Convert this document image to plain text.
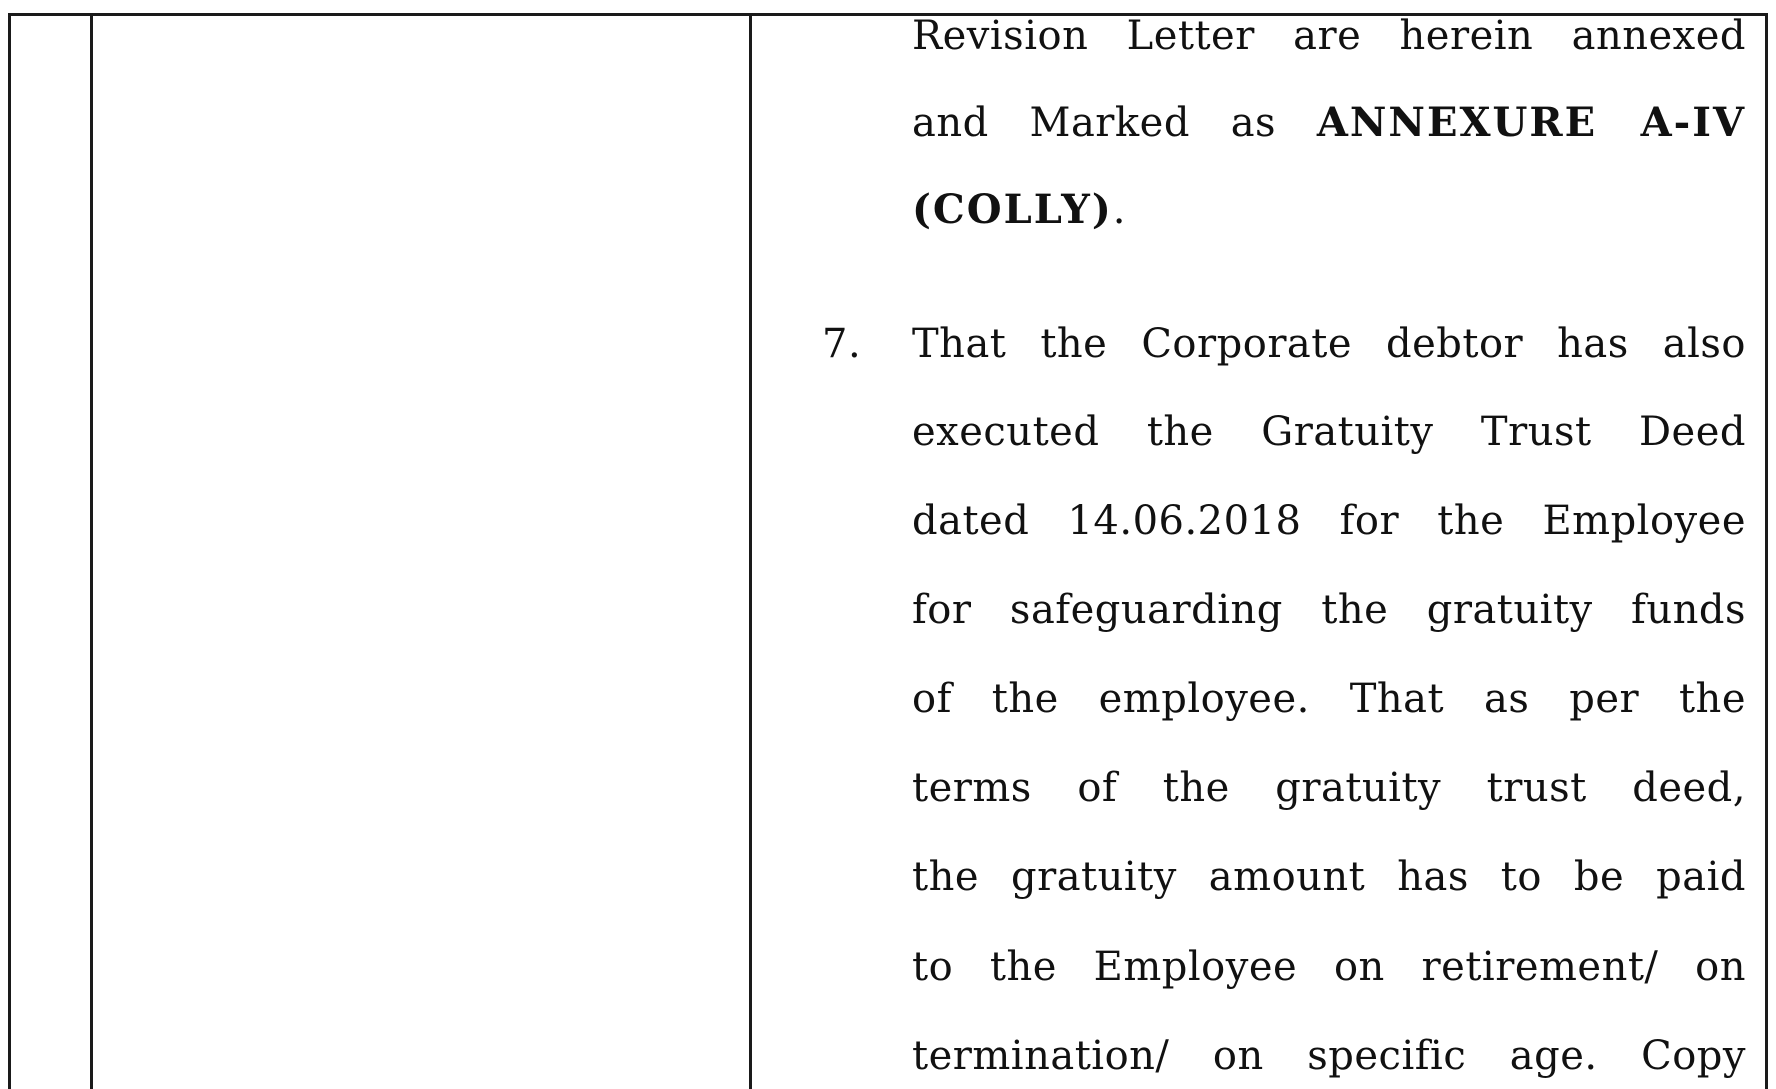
Revision Letter are herein annexed
and Marked as ANNEXURE A-IV
(COLLY).
That the Corporate debtor has also
executed the Gratuity Trust Deed
dated 14.06.2018 for the Employee
for safeguarding the gratuity funds
of the employee. That as per the
terms of the gratuity trust deed,
the gratuity amount has to be paid
to the Employee on retirement/ on
termination/ on specific age. Copy
7.
